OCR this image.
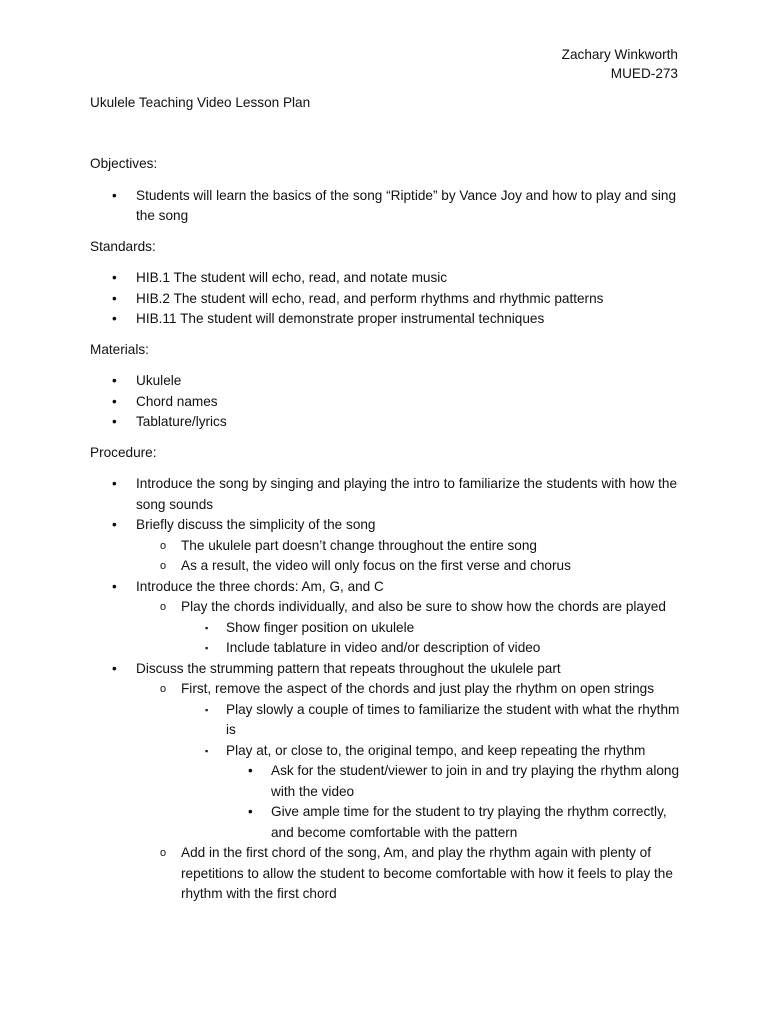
Zachary Winkworth
MUED-273
Ukulele Teaching Video Lesson Plan
Objectives:
•	Students will learn the basics of the song “Riptide” by Vance Joy and how to play and sing the song
Standards:
•	HIB.1 The student will echo, read, and notate music
•	HIB.2 The student will echo, read, and perform rhythms and rhythmic patterns
•	HIB.11 The student will demonstrate proper instrumental techniques
Materials:
•	Ukulele
•	Chord names
•	Tablature/lyrics
Procedure:
•	Introduce the song by singing and playing the intro to familiarize the students with how the song sounds
•	Briefly discuss the simplicity of the song
o	The ukulele part doesn’t change throughout the entire song
o	As a result, the video will only focus on the first verse and chorus
•	Introduce the three chords: Am, G, and C
o	Play the chords individually, and also be sure to show how the chords are played
▪	Show finger position on ukulele
▪	Include tablature in video and/or description of video
•	Discuss the strumming pattern that repeats throughout the ukulele part
o	First, remove the aspect of the chords and just play the rhythm on open strings
▪	Play slowly a couple of times to familiarize the student with what the rhythm is
▪	Play at, or close to, the original tempo, and keep repeating the rhythm
•	Ask for the student/viewer to join in and try playing the rhythm along with the video
•	Give ample time for the student to try playing the rhythm correctly, and become comfortable with the pattern
o	Add in the first chord of the song, Am, and play the rhythm again with plenty of repetitions to allow the student to become comfortable with how it feels to play the rhythm with the first chord
